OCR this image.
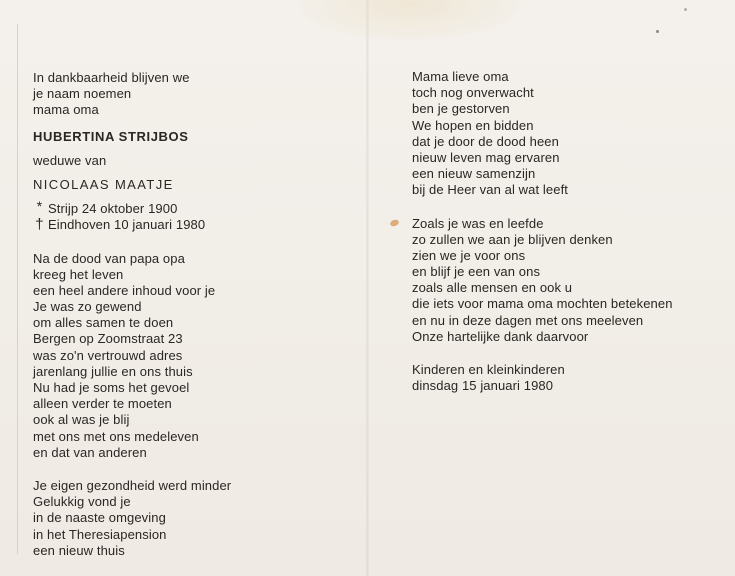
In dankbaarheid blijven we
je naam noemen
mama oma
HUBERTINA STRIJBOS
weduwe van
NICOLAAS MAATJE
* Strijp 24 oktober 1900
† Eindhoven 10 januari 1980
Na de dood van papa opa
kreeg het leven
een heel andere inhoud voor je
Je was zo gewend
om alles samen te doen
Bergen op Zoomstraat 23
was zo'n vertrouwd adres
jarenlang jullie en ons thuis
Nu had je soms het gevoel
alleen verder te moeten
ook al was je blij
met ons met ons medeleven
en dat van anderen
Je eigen gezondheid werd minder
Gelukkig vond je
in de naaste omgeving
in het Theresiapension
een nieuw thuis
Mama lieve oma
toch nog onverwacht
ben je gestorven
We hopen en bidden
dat je door de dood heen
nieuw leven mag ervaren
een nieuw samenzijn
bij de Heer van al wat leeft
Zoals je was en leefde
zo zullen we aan je blijven denken
zien we je voor ons
en blijf je een van ons
zoals alle mensen en ook u
die iets voor mama oma mochten betekenen
en nu in deze dagen met ons meeleven
Onze hartelijke dank daarvoor
Kinderen en kleinkinderen
dinsdag 15 januari 1980
